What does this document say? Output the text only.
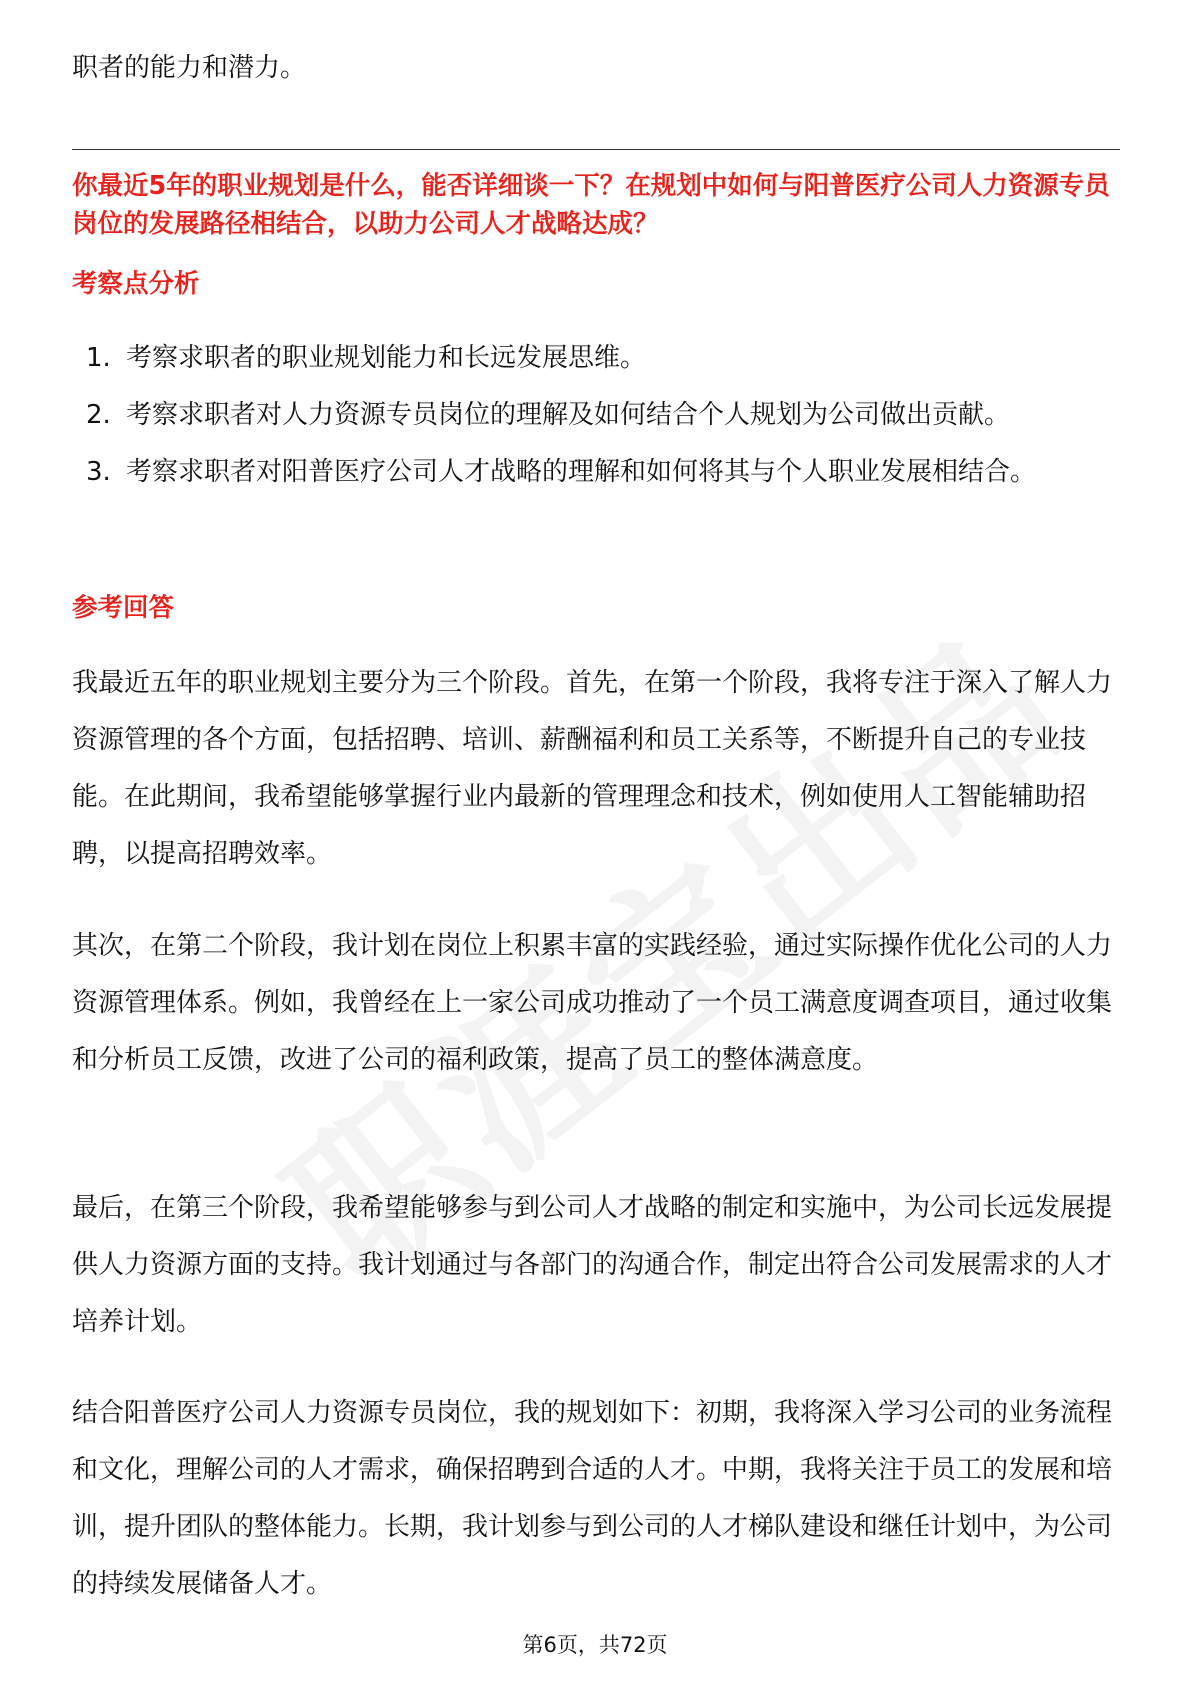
职者的能力和潜力。

你最近5年的职业规划是什么，能否详细谈一下？在规划中如何与阳普医疗公司人力资源专员岗位的发展路径相结合，以助力公司人才战略达成？

考察点分析
1. 考察求职者的职业规划能力和长远发展思维。
2. 考察求职者对人力资源专员岗位的理解及如何结合个人规划为公司做出贡献。
3. 考察求职者对阳普医疗公司人才战略的理解和如何将其与个人职业发展相结合。
参考回答

我最近五年的职业规划主要分为三个阶段。首先，在第一个阶段，我将专注于深入了解人力资源管理的各个方面，包括招聘、培训、薪酬福利和员工关系等，不断提升自己的专业技能。在此期间，我希望能够掌握行业内最新的管理理念和技术，例如使用人工智能辅助招聘，以提高招聘效率。

其次，在第二个阶段，我计划在岗位上积累丰富的实践经验，通过实际操作优化公司的人力资源管理体系。例如，我曾经在上一家公司成功推动了一个员工满意度调查项目，通过收集和分析员工反馈，改进了公司的福利政策，提高了员工的整体满意度。

最后，在第三个阶段，我希望能够参与到公司人才战略的制定和实施中，为公司长远发展提供人力资源方面的支持。我计划通过与各部门的沟通合作，制定出符合公司发展需求的人才培养计划。

结合阳普医疗公司人力资源专员岗位，我的规划如下：初期，我将深入学习公司的业务流程和文化，理解公司的人才需求，确保招聘到合适的人才。中期，我将关注于员工的发展和培训，提升团队的整体能力。长期，我计划参与到公司的人才梯队建设和继任计划中，为公司的持续发展储备人才。

第6页，共72页
